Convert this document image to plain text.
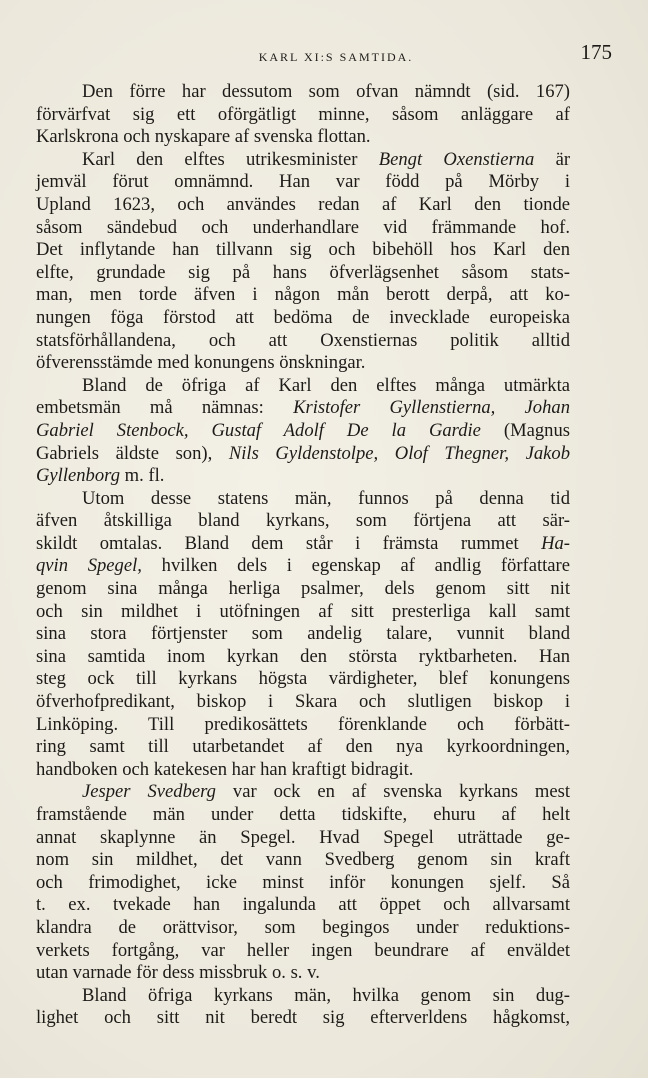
KARL XI:S SAMTIDA.	175
Den förre har dessutom som ofvan nämndt (sid. 167)
förvärfvat sig ett oförgätligt minne, såsom anläggare af
Karlskrona och nyskapare af svenska flottan.
Karl den elftes utrikesminister Bengt Oxenstierna är
jemväl förut omnämnd. Han var född på Mörby i
Upland 1623, och användes redan af Karl den tionde
såsom sändebud och underhandlare vid främmande hof.
Det inflytande han tillvann sig och bibehöll hos Karl den
elfte, grundade sig på hans öfverlägsenhet såsom stats-
man, men torde äfven i någon mån berott derpå, att ko-
nungen föga förstod att bedöma de invecklade europeiska
statsförhållandena, och att Oxenstiernas politik alltid
öfverensstämde med konungens önskningar.
Bland de öfriga af Karl den elftes många utmärkta
embetsmän må nämnas: Kristofer Gyllenstierna, Johan
Gabriel Stenbock, Gustaf Adolf De la Gardie (Magnus
Gabriels äldste son), Nils Gyldenstolpe, Olof Thegner, Jakob
Gyllenborg m. fl.
Utom desse statens män, funnos på denna tid
äfven åtskilliga bland kyrkans, som förtjena att sär-
skildt omtalas. Bland dem står i främsta rummet Ha-
qvin Spegel, hvilken dels i egenskap af andlig författare
genom sina många herliga psalmer, dels genom sitt nit
och sin mildhet i utöfningen af sitt presterliga kall samt
sina stora förtjenster som andelig talare, vunnit bland
sina samtida inom kyrkan den största ryktbarheten. Han
steg ock till kyrkans högsta värdigheter, blef konungens
öfverhofpredikant, biskop i Skara och slutligen biskop i
Linköping. Till predikosättets förenklande och förbätt-
ring samt till utarbetandet af den nya kyrkoordningen,
handboken och katekesen har han kraftigt bidragit.
Jesper Svedberg var ock en af svenska kyrkans mest
framstående män under detta tidskifte, ehuru af helt
annat skaplynne än Spegel. Hvad Spegel uträttade ge-
nom sin mildhet, det vann Svedberg genom sin kraft
och frimodighet, icke minst inför konungen sjelf. Så
t. ex. tvekade han ingalunda att öppet och allvarsamt
klandra de orättvisor, som begingos under reduktions-
verkets fortgång, var heller ingen beundrare af enväldet
utan varnade för dess missbruk o. s. v.
Bland öfriga kyrkans män, hvilka genom sin dug-
lighet och sitt nit beredt sig efterverldens hågkomst,
